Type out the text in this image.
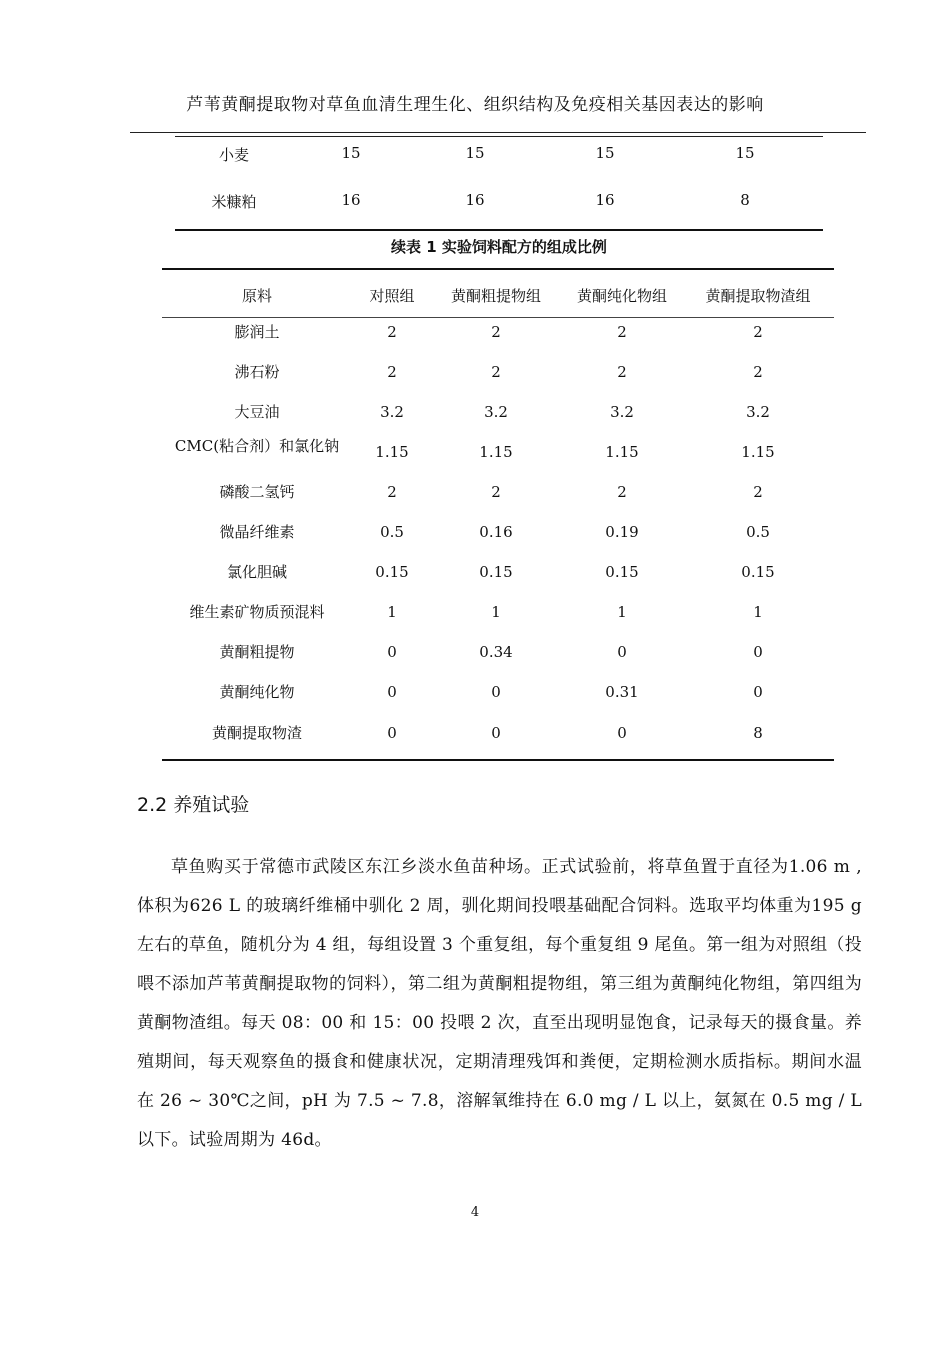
芦苇黄酮提取物对草鱼血清生理生化、组织结构及免疫相关基因表达的影响
小麦	15	15	15	15
米糠粕	16	16	16	8
续表 1 实验饲料配方的组成比例
原料	对照组	黄酮粗提物组	黄酮纯化物组	黄酮提取物渣组
膨润土	2	2	2	2
沸石粉	2	2	2	2
大豆油	3.2	3.2	3.2	3.2
CMC(粘合剂）和氯化钠	1.15	1.15	1.15	1.15
磷酸二氢钙	2	2	2	2
微晶纤维素	0.5	0.16	0.19	0.5
氯化胆碱	0.15	0.15	0.15	0.15
维生素矿物质预混料	1	1	1	1
黄酮粗提物	0	0.34	0	0
黄酮纯化物	0	0	0.31	0
黄酮提取物渣	0	0	0	8
2.2 养殖试验
草鱼购买于常德市武陵区东江乡淡水鱼苗种场。正式试验前，将草鱼置于直径为1.06 m ,体积为626 L 的玻璃纤维桶中驯化 2 周，驯化期间投喂基础配合饲料。选取平均体重为195 g 左右的草鱼，随机分为 4 组，每组设置 3 个重复组，每个重复组 9 尾鱼。第一组为对照组（投喂不添加芦苇黄酮提取物的饲料），第二组为黄酮粗提物组，第三组为黄酮纯化物组，第四组为黄酮物渣组。每天 08：00 和 15：00 投喂 2 次，直至出现明显饱食，记录每天的摄食量。养殖期间，每天观察鱼的摄食和健康状况，定期清理残饵和粪便，定期检测水质指标。期间水温在 26 ~ 30℃之间，pH 为 7.5 ~ 7.8，溶解氧维持在 6.0 mg / L 以上，氨氮在 0.5 mg / L 以下。试验周期为 46d。
4
